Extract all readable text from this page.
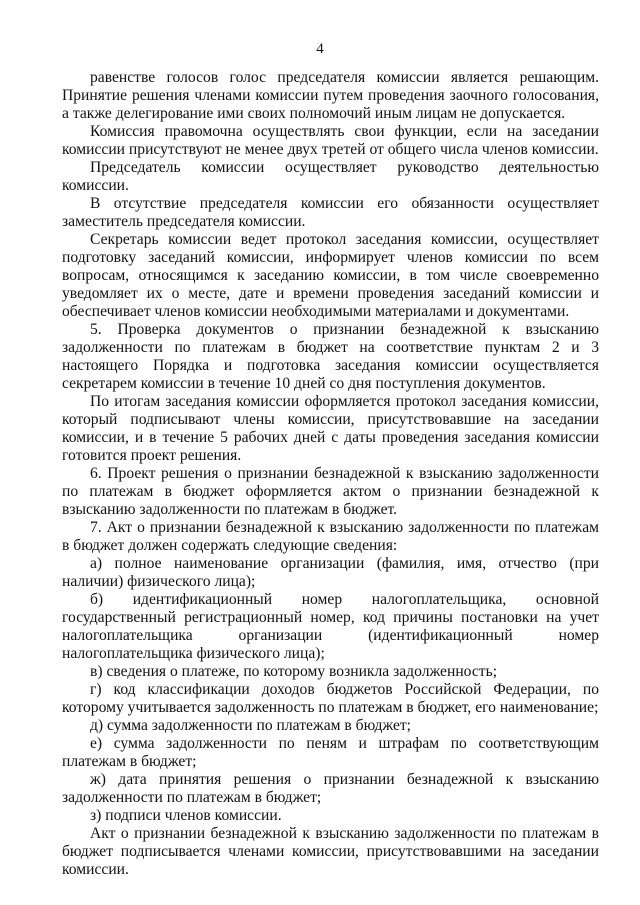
4

равенстве голосов голос председателя комиссии является решающим. Принятие решения членами комиссии путем проведения заочного голосования, а также делегирование ими своих полномочий иным лицам не допускается.

Комиссия правомочна осуществлять свои функции, если на заседании комиссии присутствуют не менее двух третей от общего числа членов комиссии.

Председатель комиссии осуществляет руководство деятельностью комиссии.

В отсутствие председателя комиссии его обязанности осуществляет заместитель председателя комиссии.

Секретарь комиссии ведет протокол заседания комиссии, осуществляет подготовку заседаний комиссии, информирует членов комиссии по всем вопросам, относящимся к заседанию комиссии, в том числе своевременно уведомляет их о месте, дате и времени проведения заседаний комиссии и обеспечивает членов комиссии необходимыми материалами и документами.

5. Проверка документов о признании безнадежной к взысканию задолженности по платежам в бюджет на соответствие пунктам 2 и 3 настоящего Порядка и подготовка заседания комиссии осуществляется секретарем комиссии в течение 10 дней со дня поступления документов.

По итогам заседания комиссии оформляется протокол заседания комиссии, который подписывают члены комиссии, присутствовавшие на заседании комиссии, и в течение 5 рабочих дней с даты проведения заседания комиссии готовится проект решения.

6. Проект решения о признании безнадежной к взысканию задолженности по платежам в бюджет оформляется актом о признании безнадежной к взысканию задолженности по платежам в бюджет.

7. Акт о признании безнадежной к взысканию задолженности по платежам в бюджет должен содержать следующие сведения:

а) полное наименование организации (фамилия, имя, отчество (при наличии) физического лица);

б) идентификационный номер налогоплательщика, основной государственный регистрационный номер, код причины постановки на учет налогоплательщика организации (идентификационный номер налогоплательщика физического лица);

в) сведения о платеже, по которому возникла задолженность;

г) код классификации доходов бюджетов Российской Федерации, по которому учитывается задолженность по платежам в бюджет, его наименование;

д) сумма задолженности по платежам в бюджет;

е) сумма задолженности по пеням и штрафам по соответствующим платежам в бюджет;

ж) дата принятия решения о признании безнадежной к взысканию задолженности по платежам в бюджет;

з) подписи членов комиссии.

Акт о признании безнадежной к взысканию задолженности по платежам в бюджет подписывается членами комиссии, присутствовавшими на заседании комиссии.
